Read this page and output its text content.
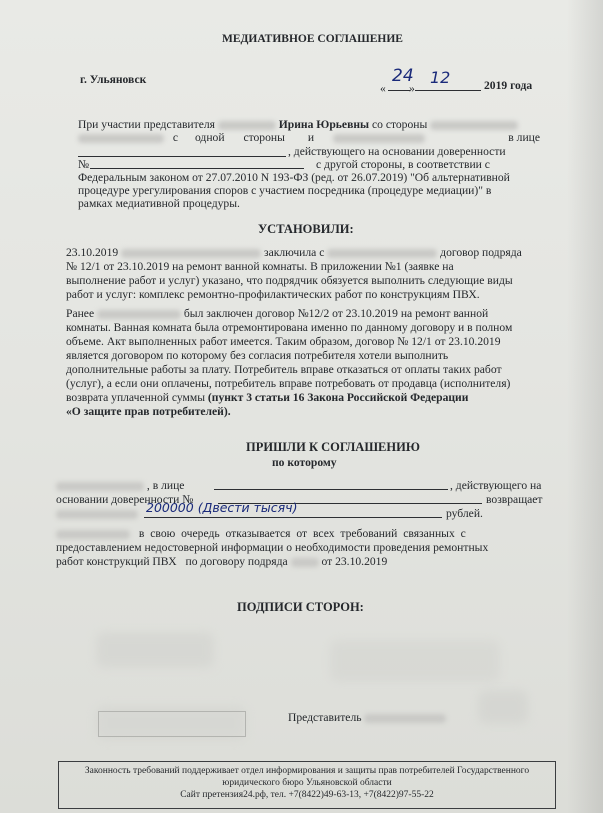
МЕДИАТИВНОЕ СОГЛАШЕНИЕ
г. Ульяновск
«
24
»
12	2019 года
При участии представителя	Ирина Юрьевны со стороны
с одной стороны и	в лице
, действующего на основании доверенности
№	с другой стороны, в соответствии с
Федеральным законом от 27.07.2010 N 193-ФЗ (ред. от 26.07.2019) "Об альтернативной
процедуре урегулирования споров с участием посредника (процедуре медиации)" в
рамках медиативной процедуры.
УСТАНОВИЛИ:
23.10.2019	заключила с	договор подряда
№ 12/1 от 23.10.2019 на ремонт ванной комнаты. В приложении №1 (заявке на
выполнение работ и услуг) указано, что подрядчик обязуется выполнить следующие виды
работ и услуг: комплекс ремонтно-профилактических работ по конструкциям ПВХ.
Ранее	был заключен договор №12/2 от 23.10.2019 на ремонт ванной
комнаты. Ванная комната была отремонтирована именно по данному договору и в полном
объеме. Акт выполненных работ имеется. Таким образом, договор № 12/1 от 23.10.2019
является договором по которому без согласия потребителя хотели выполнить
дополнительные работы за плату. Потребитель вправе отказаться от оплаты таких работ
(услуг), а если они оплачены, потребитель вправе потребовать от продавца (исполнителя)
возврата уплаченной суммы (пункт 3 статьи 16 Закона Российской Федерации
«О защите прав потребителей).
ПРИШЛИ К СОГЛАШЕНИЮ
по которому
, в лице	, действующего на
основании доверенности №	возвращает
200000 (Двести тысяч)	рублей.
в свою очередь отказывается от всех требований связанных с
предоставлением недостоверной информации о необходимости проведения ремонтных
работ конструкций ПВХ по договору подряда	от 23.10.2019
ПОДПИСИ СТОРОН:
Представитель
Законность требований поддерживает отдел информирования и защиты прав потребителей Государственного
юридического бюро Ульяновской области
Сайт претензия24.рф, тел. +7(8422)49-63-13, +7(8422)97-55-22
